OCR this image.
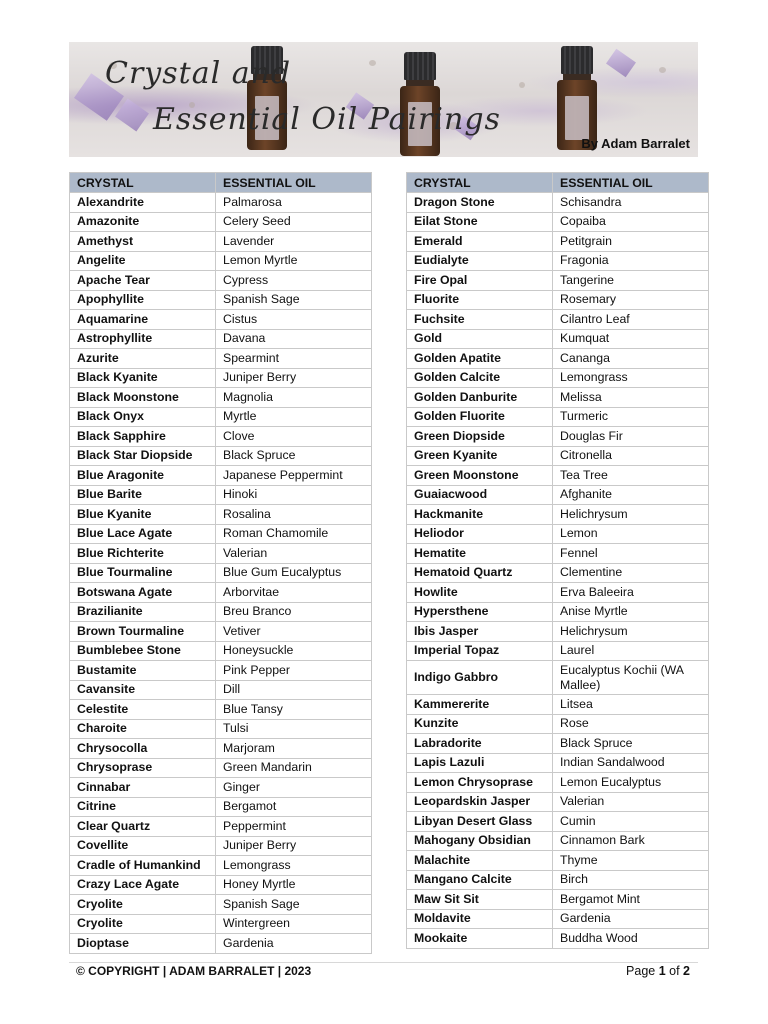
Crystal and
Essential Oil Pairings
By Adam Barralet
CRYSTAL	ESSENTIAL OIL
Alexandrite	Palmarosa
Amazonite	Celery Seed
Amethyst	Lavender
Angelite	Lemon Myrtle
Apache Tear	Cypress
Apophyllite	Spanish Sage
Aquamarine	Cistus
Astrophyllite	Davana
Azurite	Spearmint
Black Kyanite	Juniper Berry
Black Moonstone	Magnolia
Black Onyx	Myrtle
Black Sapphire	Clove
Black Star Diopside	Black Spruce
Blue Aragonite	Japanese Peppermint
Blue Barite	Hinoki
Blue Kyanite	Rosalina
Blue Lace Agate	Roman Chamomile
Blue Richterite	Valerian
Blue Tourmaline	Blue Gum Eucalyptus
Botswana Agate	Arborvitae
Brazilianite	Breu Branco
Brown Tourmaline	Vetiver
Bumblebee Stone	Honeysuckle
Bustamite	Pink Pepper
Cavansite	Dill
Celestite	Blue Tansy
Charoite	Tulsi
Chrysocolla	Marjoram
Chrysoprase	Green Mandarin
Cinnabar	Ginger
Citrine	Bergamot
Clear Quartz	Peppermint
Covellite	Juniper Berry
Cradle of Humankind	Lemongrass
Crazy Lace Agate	Honey Myrtle
Cryolite	Spanish Sage
Cryolite	Wintergreen
Dioptase	Gardenia
CRYSTAL	ESSENTIAL OIL
Dragon Stone	Schisandra
Eilat Stone	Copaiba
Emerald	Petitgrain
Eudialyte	Fragonia
Fire Opal	Tangerine
Fluorite	Rosemary
Fuchsite	Cilantro Leaf
Gold	Kumquat
Golden Apatite	Cananga
Golden Calcite	Lemongrass
Golden Danburite	Melissa
Golden Fluorite	Turmeric
Green Diopside	Douglas Fir
Green Kyanite	Citronella
Green Moonstone	Tea Tree
Guaiacwood	Afghanite
Hackmanite	Helichrysum
Heliodor	Lemon
Hematite	Fennel
Hematoid Quartz	Clementine
Howlite	Erva Baleeira
Hypersthene	Anise Myrtle
Ibis Jasper	Helichrysum
Imperial Topaz	Laurel
Indigo Gabbro	Eucalyptus Kochii (WA Mallee)
Kammererite	Litsea
Kunzite	Rose
Labradorite	Black Spruce
Lapis Lazuli	Indian Sandalwood
Lemon Chrysoprase	Lemon Eucalyptus
Leopardskin Jasper	Valerian
Libyan Desert Glass	Cumin
Mahogany Obsidian	Cinnamon Bark
Malachite	Thyme
Mangano Calcite	Birch
Maw Sit Sit	Bergamot Mint
Moldavite	Gardenia
Mookaite	Buddha Wood
© COPYRIGHT | ADAM BARRALET | 2023	Page 1 of 2
